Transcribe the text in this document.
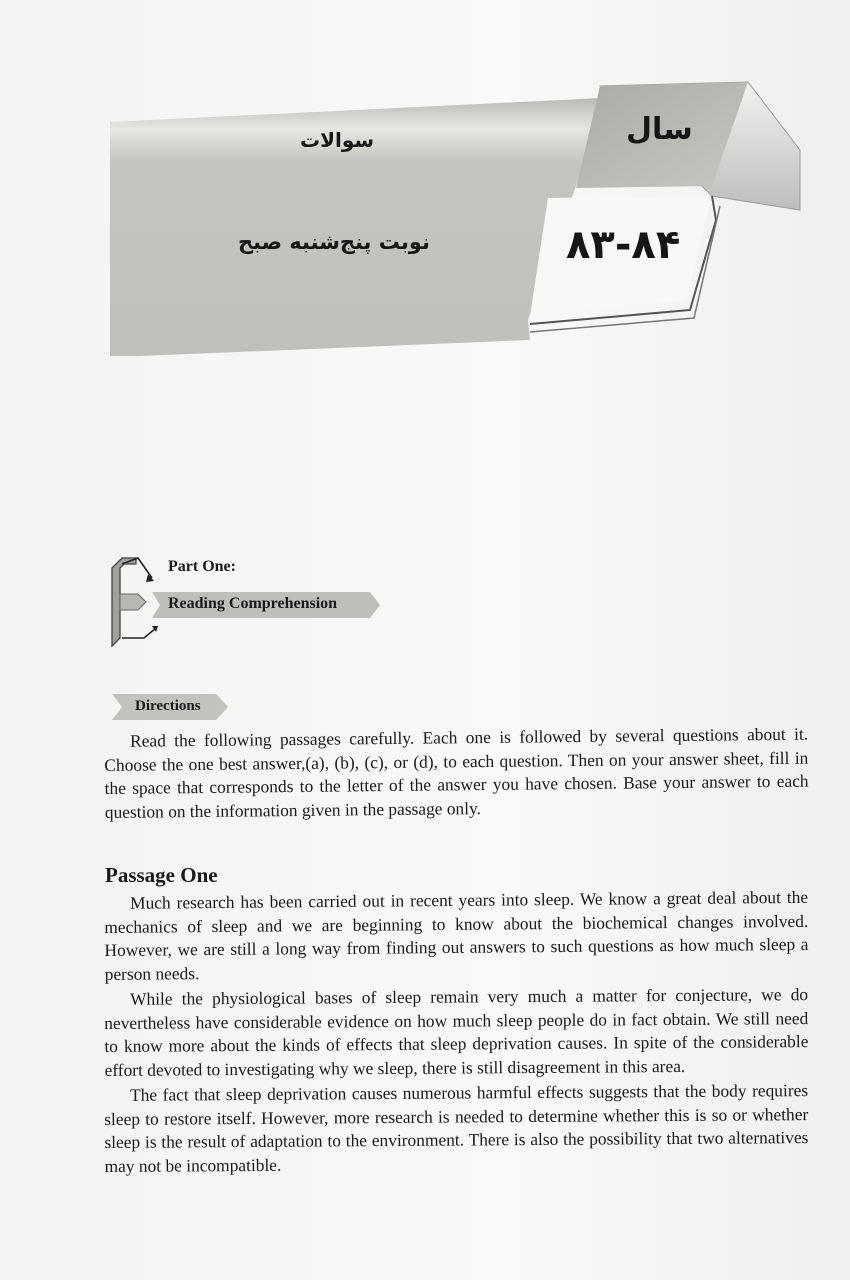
سوالات
نوبت پنج‌شنبه صبح
سال
۸۳-۸۴
Part One:
Reading Comprehension
Directions
Read the following passages carefully. Each one is followed by several questions about it. Choose the one best answer,(a), (b), (c), or (d), to each question. Then on your answer sheet, fill in the space that corresponds to the letter of the answer you have chosen. Base your answer to each question on the information given in the passage only.
Passage One
Much research has been carried out in recent years into sleep. We know a great deal about the mechanics of sleep and we are beginning to know about the biochemical changes involved. However, we are still a long way from finding out answers to such questions as how much sleep a person needs.
While the physiological bases of sleep remain very much a matter for conjecture, we do nevertheless have considerable evidence on how much sleep people do in fact obtain. We still need to know more about the kinds of effects that sleep deprivation causes. In spite of the considerable effort devoted to investigating why we sleep, there is still disagreement in this area.
The fact that sleep deprivation causes numerous harmful effects suggests that the body requires sleep to restore itself. However, more research is needed to determine whether this is so or whether sleep is the result of adaptation to the environment. There is also the possibility that two alternatives may not be incompatible.
